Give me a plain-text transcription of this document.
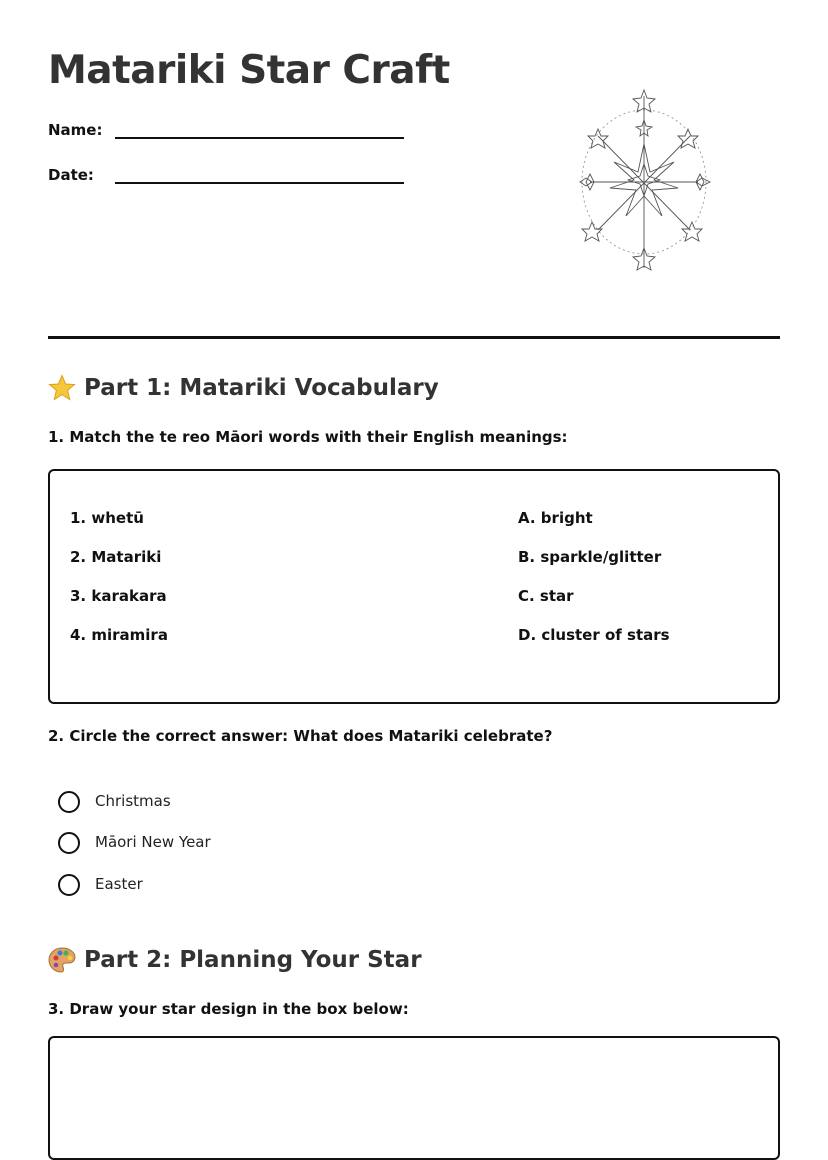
Matariki Star Craft
Name:
Date:
Part 1: Matariki Vocabulary

1. Match the te reo Māori words with their English meanings:

1. whetū
2. Matariki
3. karakara
4. miramira
A. bright
B. sparkle/glitter
C. star
D. cluster of stars

2. Circle the correct answer: What does Matariki celebrate?

Christmas
Māori New Year
Easter
Part 2: Planning Your Star

3. Draw your star design in the box below:
